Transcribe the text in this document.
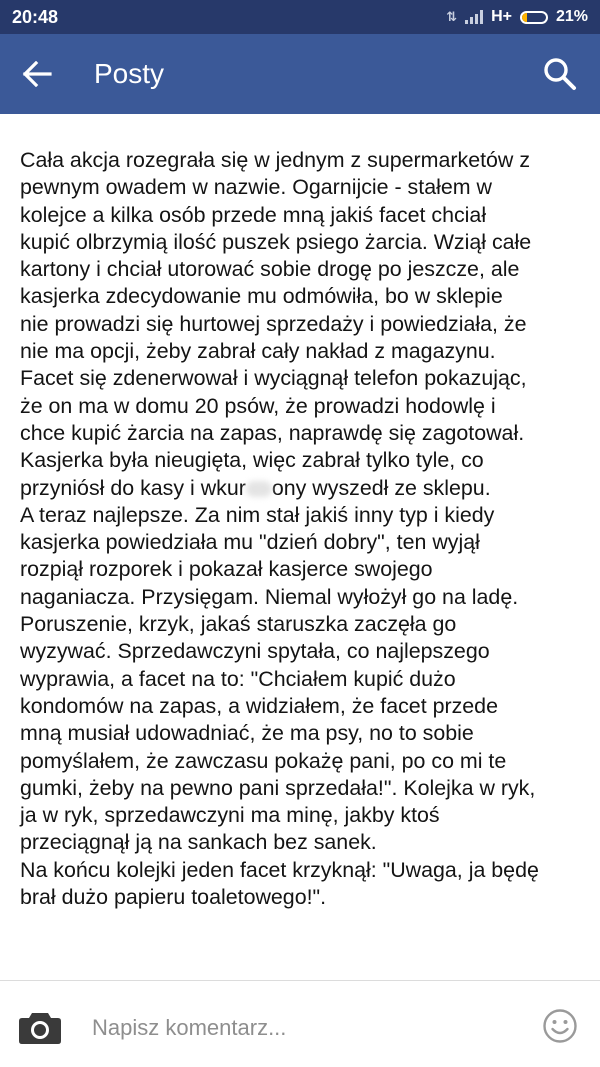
20:48	⇅ H+	21%
Posty
Cała akcja rozegrała się w jednym z supermarketów z
pewnym owadem w nazwie. Ogarnijcie - stałem w
kolejce a kilka osób przede mną jakiś facet chciał
kupić olbrzymią ilość puszek psiego żarcia. Wziął całe
kartony i chciał utorować sobie drogę po jeszcze, ale
kasjerka zdecydowanie mu odmówiła, bo w sklepie
nie prowadzi się hurtowej sprzedaży i powiedziała, że
nie ma opcji, żeby zabrał cały nakład z magazynu.
Facet się zdenerwował i wyciągnął telefon pokazując,
że on ma w domu 20 psów, że prowadzi hodowlę i
chce kupić żarcia na zapas, naprawdę się zagotował.
Kasjerka była nieugięta, więc zabrał tylko tyle, co
przyniósł do kasy i wkur ony wyszedł ze sklepu.
A teraz najlepsze. Za nim stał jakiś inny typ i kiedy
kasjerka powiedziała mu "dzień dobry", ten wyjął
rozpiął rozporek i pokazał kasjerce swojego
naganiacza. Przysięgam. Niemal wyłożył go na ladę.
Poruszenie, krzyk, jakaś staruszka zaczęła go
wyzywać. Sprzedawczyni spytała, co najlepszego
wyprawia, a facet na to: "Chciałem kupić dużo
kondomów na zapas, a widziałem, że facet przede
mną musiał udowadniać, że ma psy, no to sobie
pomyślałem, że zawczasu pokażę pani, po co mi te
gumki, żeby na pewno pani sprzedała!". Kolejka w ryk,
ja w ryk, sprzedawczyni ma minę, jakby ktoś
przeciągnął ją na sankach bez sanek.
Na końcu kolejki jeden facet krzyknął: "Uwaga, ja będę
brał dużo papieru toaletowego!".
Napisz komentarz...
